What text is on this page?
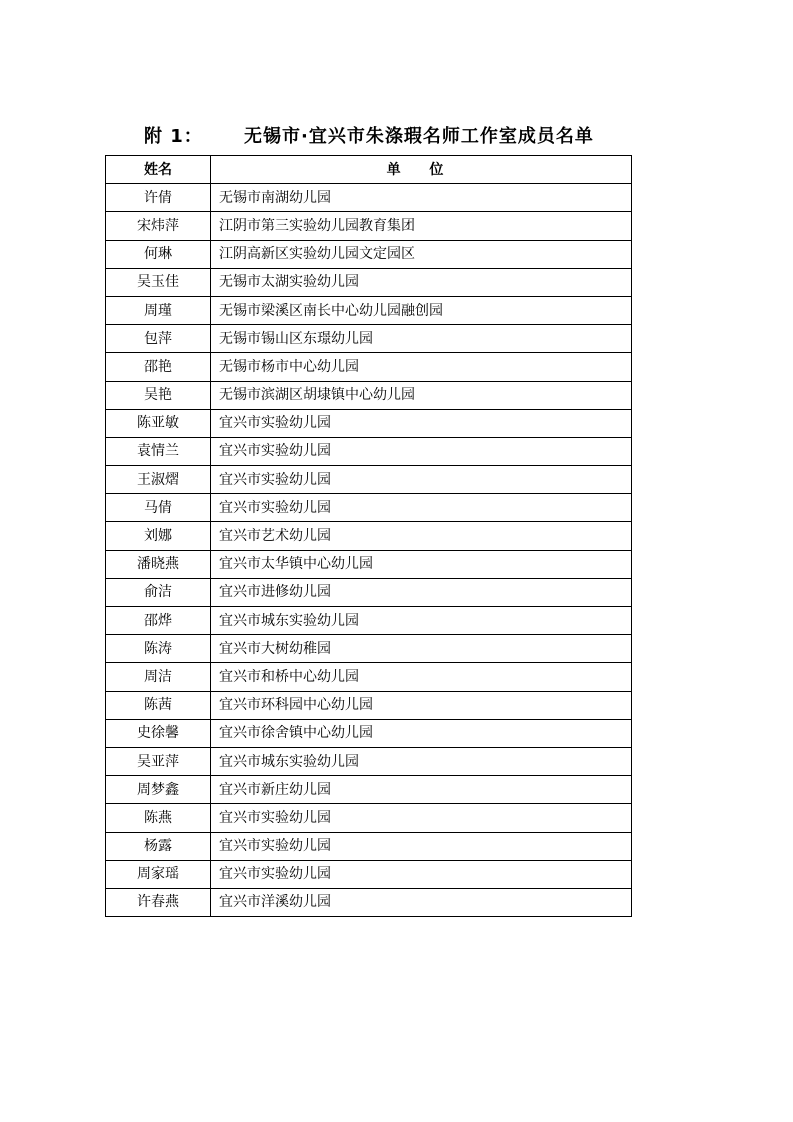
附 1： 无锡市·宜兴市朱涤瑕名师工作室成员名单
姓名	单 位
许倩	无锡市南湖幼儿园
宋炜萍	江阴市第三实验幼儿园教育集团
何琳	江阴高新区实验幼儿园文定园区
吴玉佳	无锡市太湖实验幼儿园
周瑾	无锡市梁溪区南长中心幼儿园融创园
包萍	无锡市锡山区东璟幼儿园
邵艳	无锡市杨市中心幼儿园
吴艳	无锡市滨湖区胡埭镇中心幼儿园
陈亚敏	宜兴市实验幼儿园
袁情兰	宜兴市实验幼儿园
王淑熠	宜兴市实验幼儿园
马倩	宜兴市实验幼儿园
刘娜	宜兴市艺术幼儿园
潘晓燕	宜兴市太华镇中心幼儿园
俞洁	宜兴市进修幼儿园
邵烨	宜兴市城东实验幼儿园
陈涛	宜兴市大树幼稚园
周洁	宜兴市和桥中心幼儿园
陈茜	宜兴市环科园中心幼儿园
史徐馨	宜兴市徐舍镇中心幼儿园
吴亚萍	宜兴市城东实验幼儿园
周梦鑫	宜兴市新庄幼儿园
陈燕	宜兴市实验幼儿园
杨露	宜兴市实验幼儿园
周家瑶	宜兴市实验幼儿园
许春燕	宜兴市洋溪幼儿园
